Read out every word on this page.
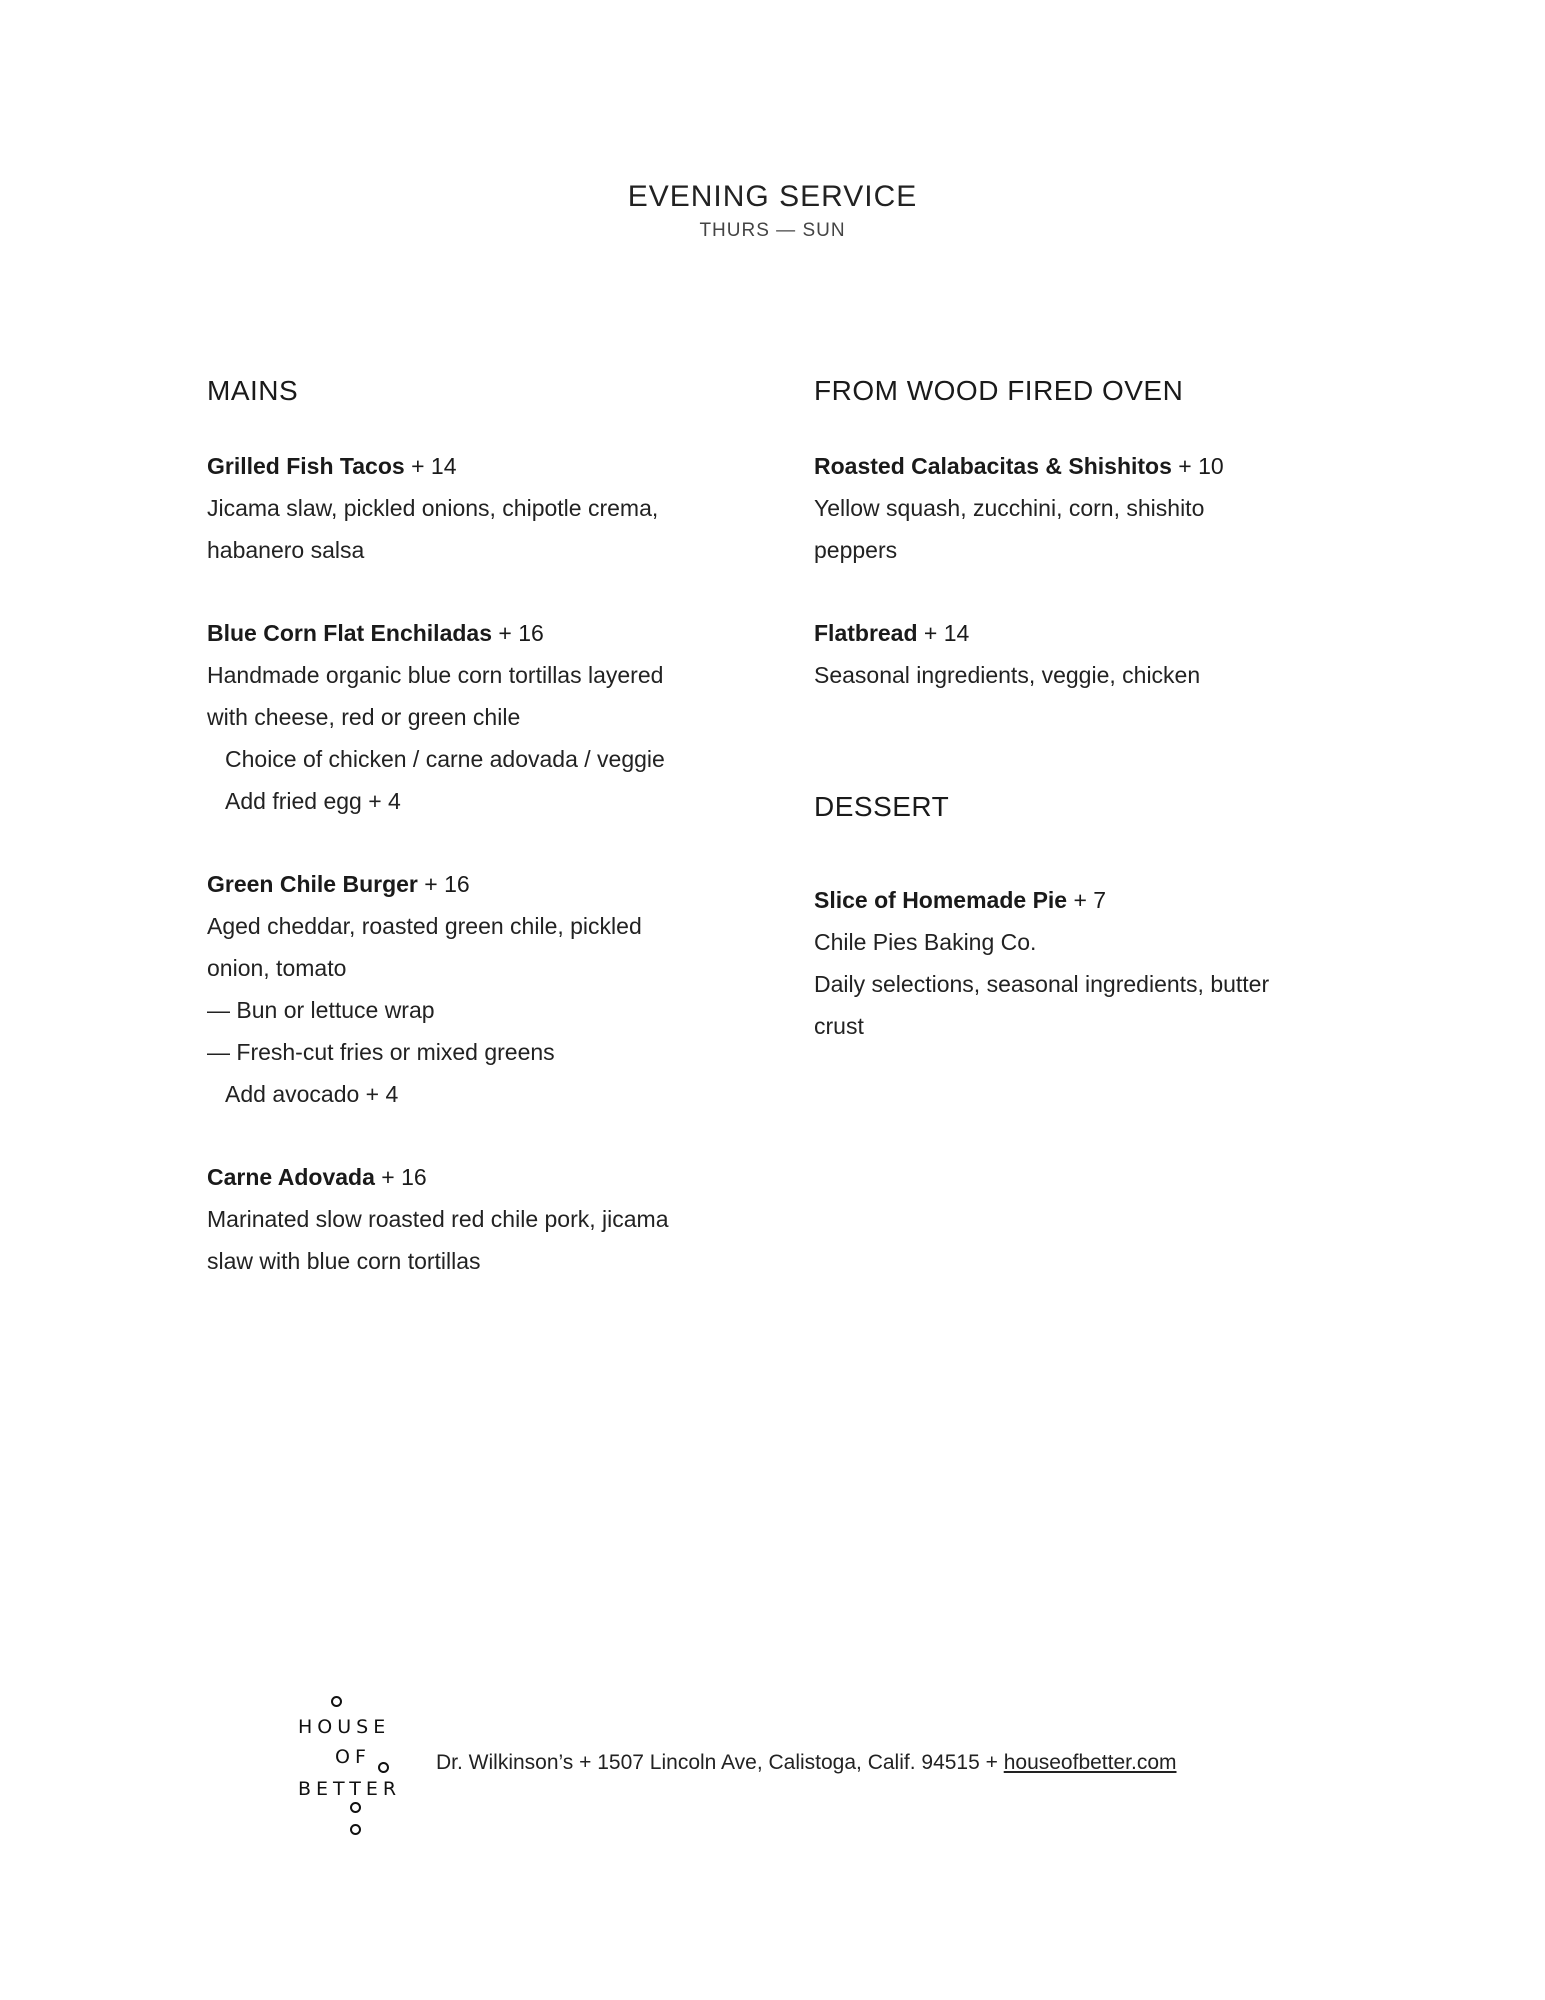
EVENING SERVICE
THURS — SUN
MAINS
Grilled Fish Tacos + 14
Jicama slaw, pickled onions, chipotle crema,
habanero salsa
Blue Corn Flat Enchiladas + 16
Handmade organic blue corn tortillas layered
with cheese, red or green chile
Choice of chicken / carne adovada / veggie
Add fried egg + 4
Green Chile Burger + 16
Aged cheddar, roasted green chile, pickled
onion, tomato
— Bun or lettuce wrap
— Fresh-cut fries or mixed greens
Add avocado + 4
Carne Adovada + 16
Marinated slow roasted red chile pork, jicama
slaw with blue corn tortillas
FROM WOOD FIRED OVEN
Roasted Calabacitas & Shishitos + 10
Yellow squash, zucchini, corn, shishito
peppers
Flatbread + 14
Seasonal ingredients, veggie, chicken
DESSERT
Slice of Homemade Pie + 7
Chile Pies Baking Co.
Daily selections, seasonal ingredients, butter
crust
HOUSE
OF
BETTER
Dr. Wilkinson’s + 1507 Lincoln Ave, Calistoga, Calif. 94515 + houseofbetter.com
